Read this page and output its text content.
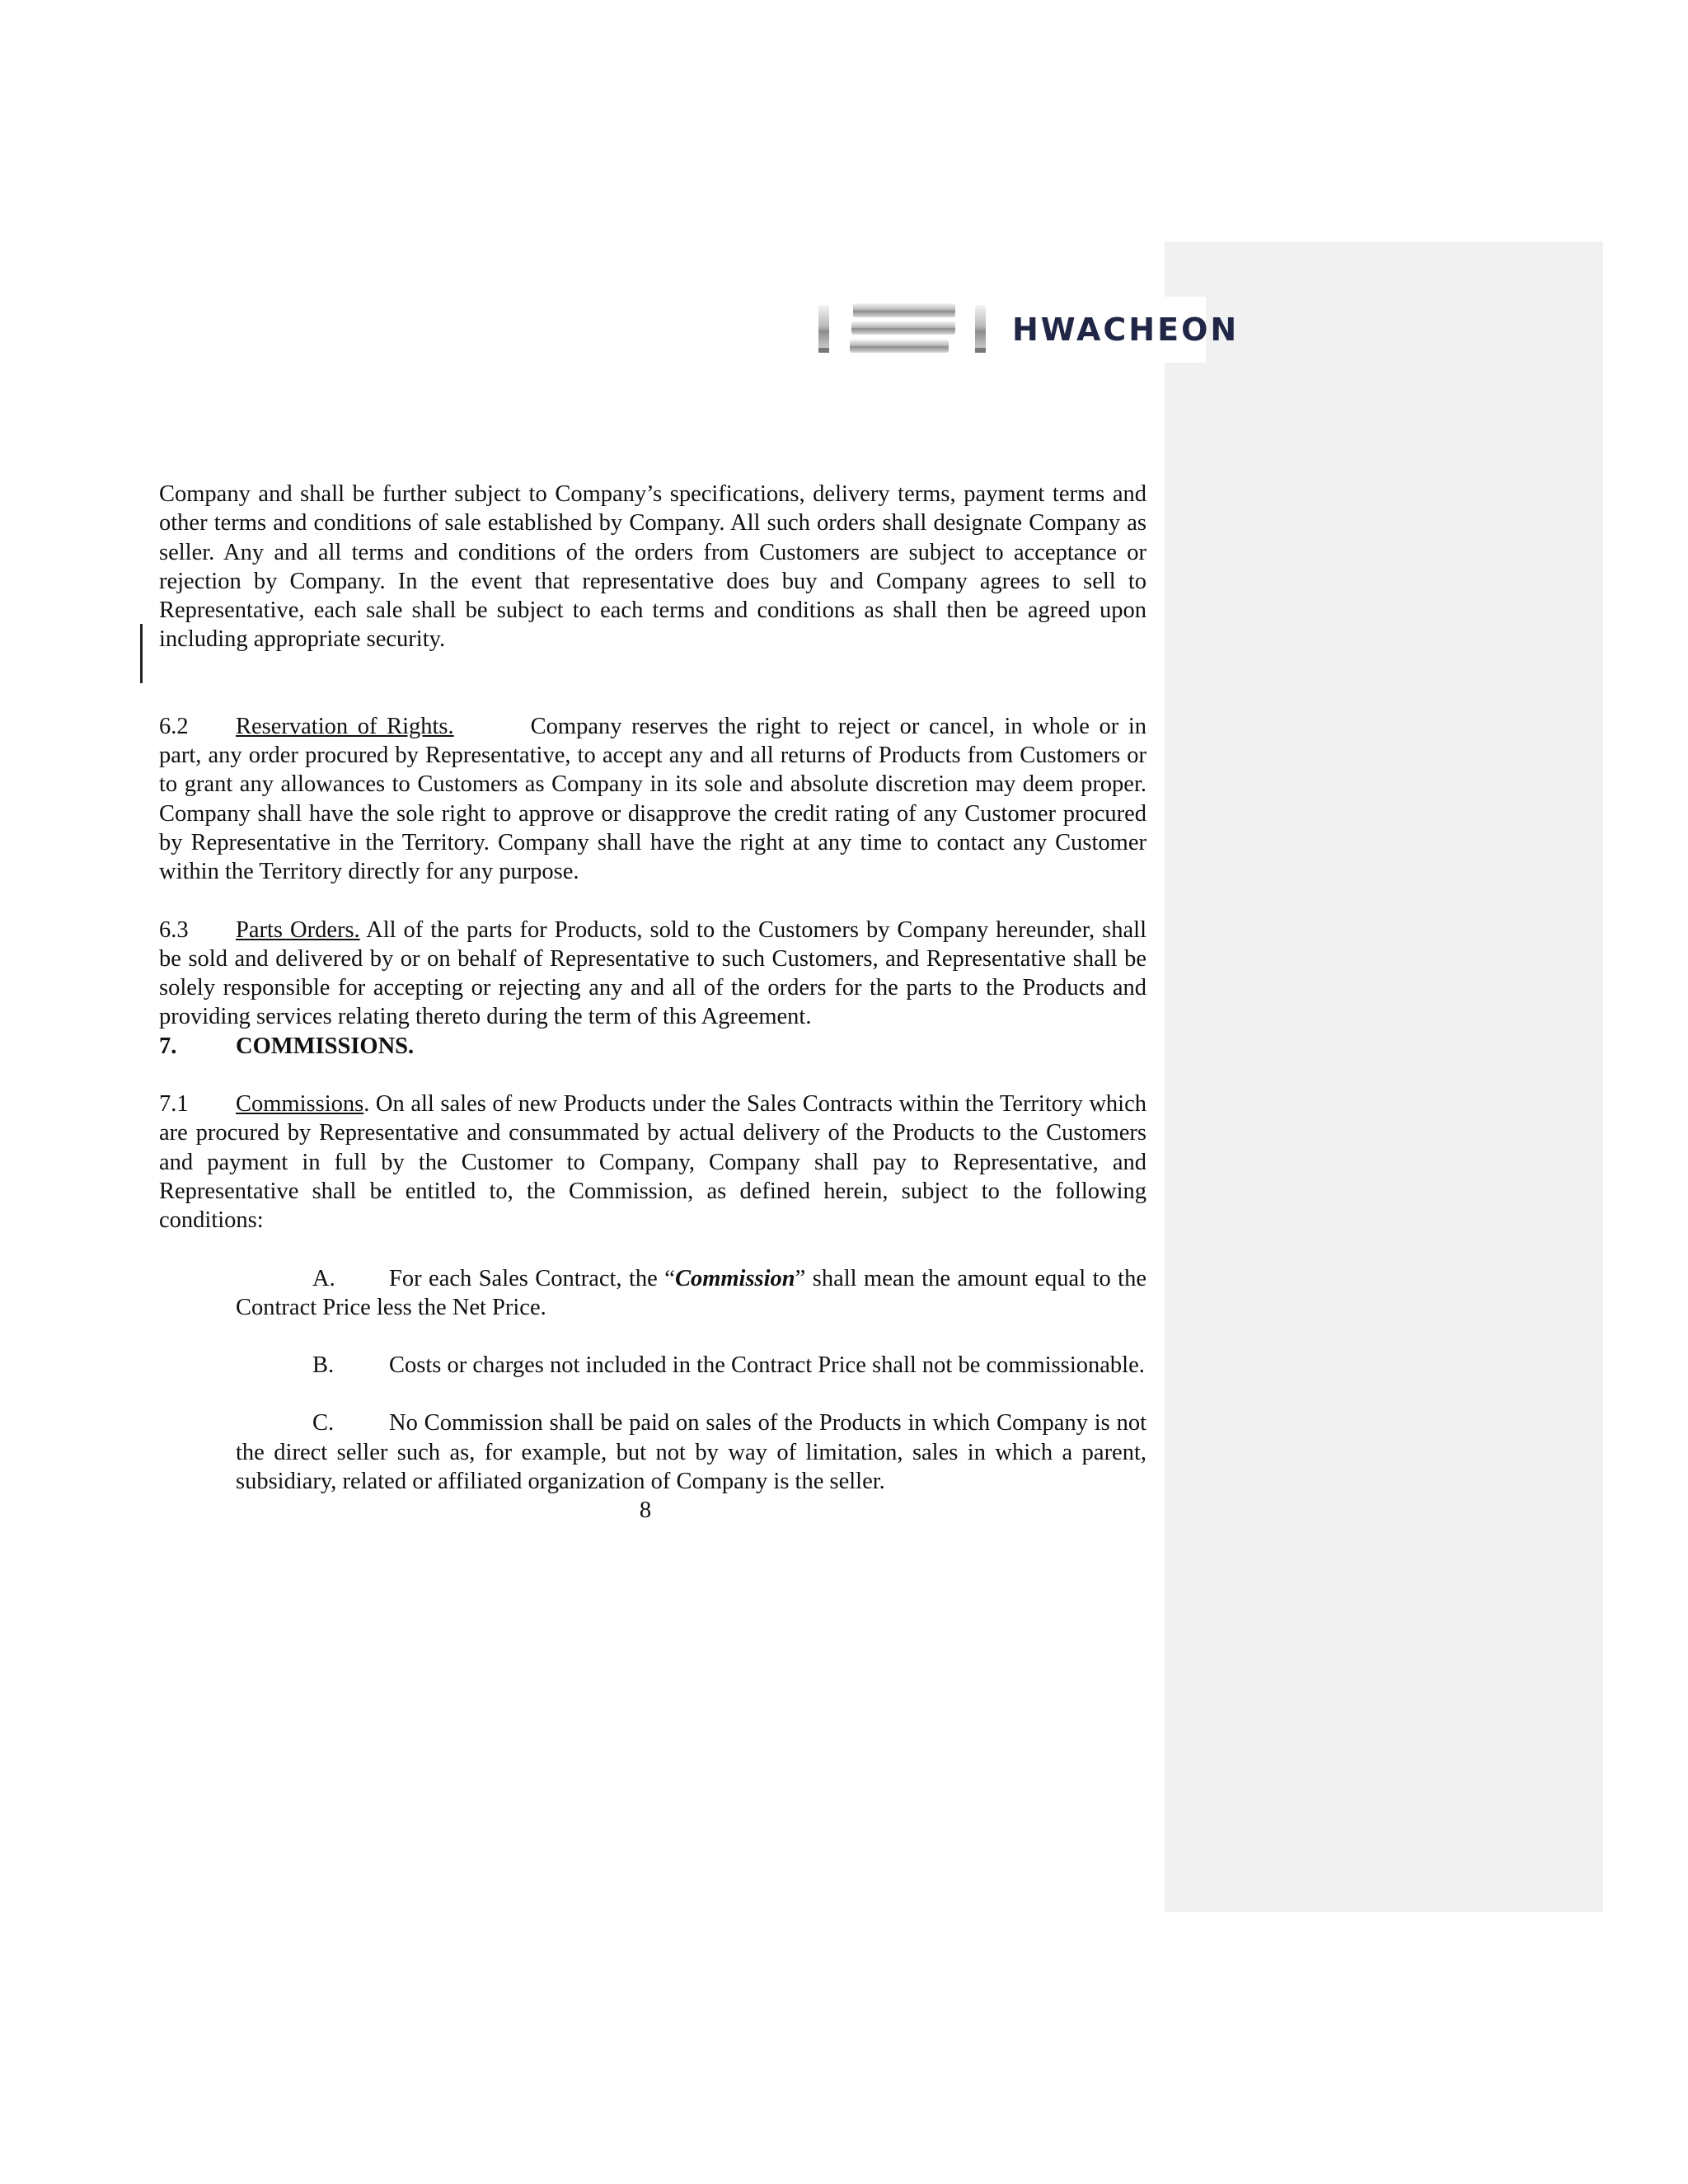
HWACHEON

Company and shall be further subject to Company’s specifications, delivery terms, payment terms and other terms and conditions of sale established by Company. All such orders shall designate Company as seller. Any and all terms and conditions of the orders from Customers are subject to acceptance or rejection by Company. In the event that representative does buy and Company agrees to sell to Representative, each sale shall be subject to each terms and conditions as shall then be agreed upon including appropriate security.

6.2 Reservation of Rights.	Company reserves the right to reject or cancel, in whole or in part, any order procured by Representative, to accept any and all returns of Products from Customers or to grant any allowances to Customers as Company in its sole and absolute discretion may deem proper. Company shall have the sole right to approve or disapprove the credit rating of any Customer procured by Representative in the Territory. Company shall have the right at any time to contact any Customer within the Territory directly for any purpose.

6.3 Parts Orders. All of the parts for Products, sold to the Customers by Company hereunder, shall be sold and delivered by or on behalf of Representative to such Customers, and Representative shall be solely responsible for accepting or rejecting any and all of the orders for the parts to the Products and providing services relating thereto during the term of this Agreement.

7.	COMMISSIONS.

7.1 Commissions. On all sales of new Products under the Sales Contracts within the Territory which are procured by Representative and consummated by actual delivery of the Products to the Customers and payment in full by the Customer to Company, Company shall pay to Representative, and Representative shall be entitled to, the Commission, as defined herein, subject to the following conditions:

A. For each Sales Contract, the “Commission” shall mean the amount equal to the Contract Price less the Net Price.

B. Costs or charges not included in the Contract Price shall not be commissionable.

C. No Commission shall be paid on sales of the Products in which Company is not the direct seller such as, for example, but not by way of limitation, sales in which a parent, subsidiary, related or affiliated organization of Company is the seller.

8
